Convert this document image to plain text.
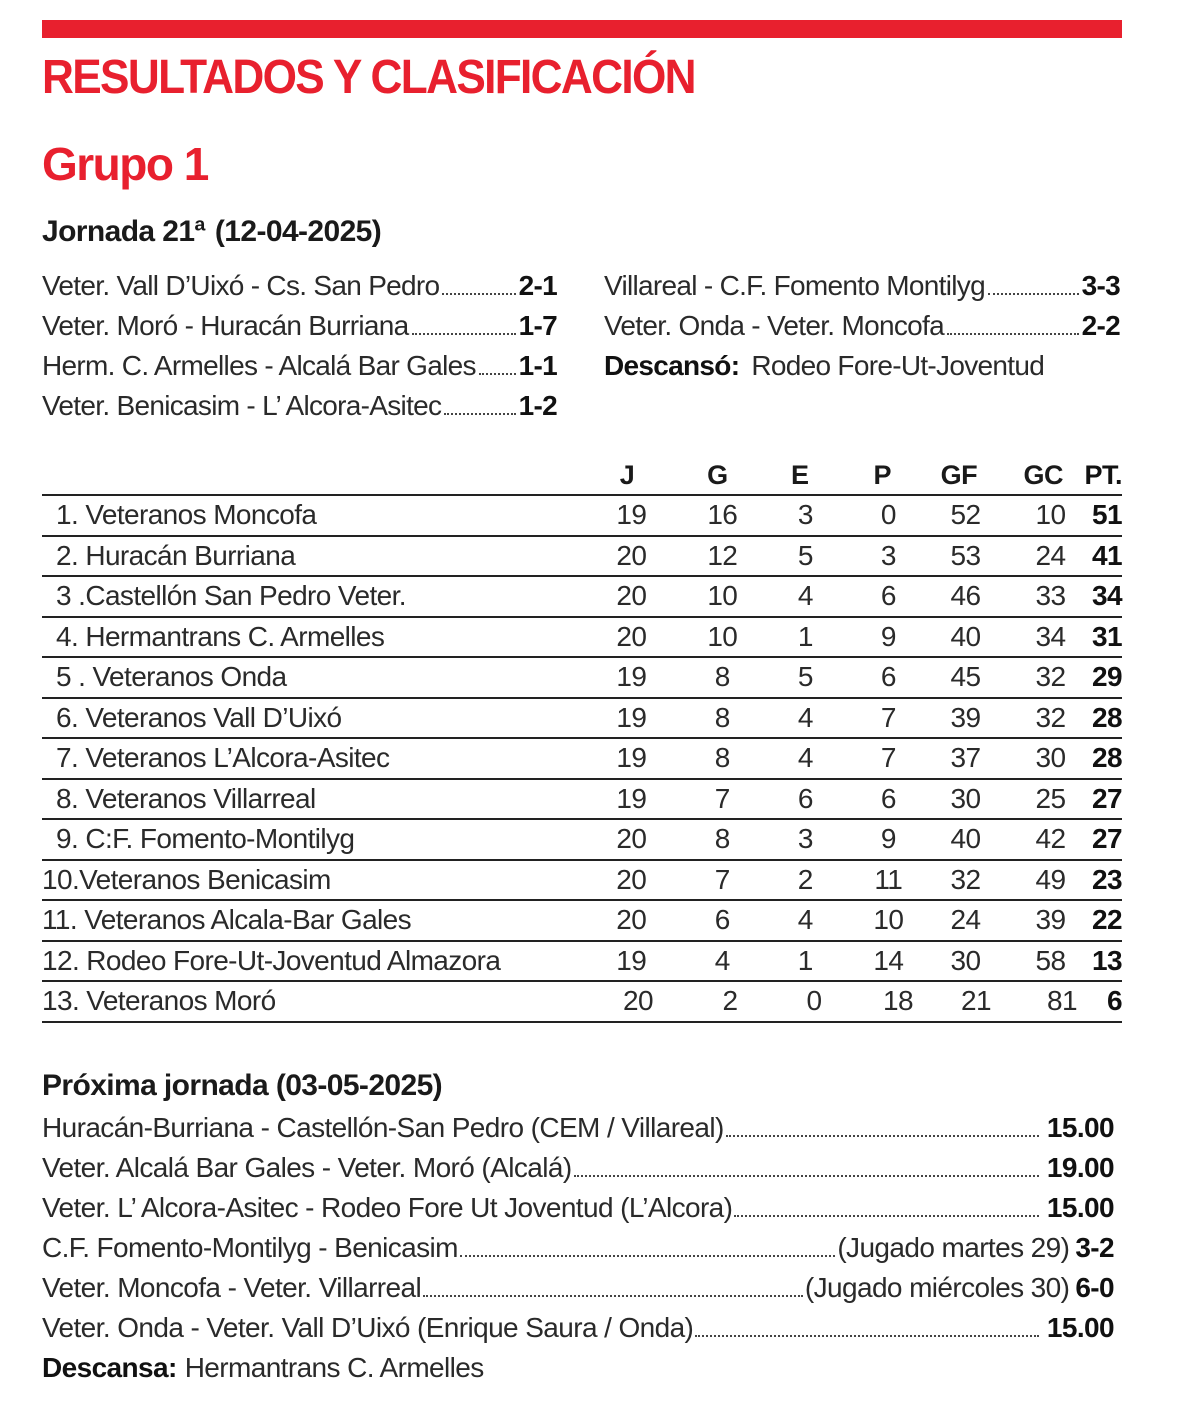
RESULTADOS Y CLASIFICACIÓN
Grupo 1
Jornada 21ª (12-04-2025)
Veter. Vall D’Uixó - Cs. San Pedro	2-1
Veter. Moró - Huracán Burriana	1-7
Herm. C. Armelles - Alcalá Bar Gales 1-1
Veter. Benicasim - L’ Alcora-Asitec	1-2
Villareal - C.F. Fomento Montilyg	3-3
Veter. Onda - Veter. Moncofa	2-2
Descansó: Rodeo Fore-Ut-Joventud
J	G	E	P	GF	GC PT.
1. Veteranos Moncofa	19	16	3	0	52	10 51
2. Huracán Burriana	20	12	5	3	53	24 41
3 .Castellón San Pedro Veter.	20	10	4	6	46	33 34
4. Hermantrans C. Armelles	20	10	1	9	40	34 31
5 . Veteranos Onda	19	8	5	6	45	32 29
6. Veteranos Vall D’Uixó	19	8	4	7	39	32 28
7. Veteranos L’Alcora-Asitec	19	8	4	7	37	30 28
8. Veteranos Villarreal	19	7	6	6	30	25 27
9. C:F. Fomento-Montilyg	20	8	3	9	40	42 27
10.Veteranos Benicasim	20	7	2	11	32	49 23
11. Veteranos Alcala-Bar Gales	20	6	4	10	24	39 22
12. Rodeo Fore-Ut-Joventud Almazora	19	4	1	14	30	58 13
13. Veteranos Moró	20	2	0	18	21	81	6
Próxima jornada (03-05-2025)
Huracán-Burriana - Castellón-San Pedro (CEM / Villareal)	15.00
Veter. Alcalá Bar Gales - Veter. Moró (Alcalá)	19.00
Veter. L’ Alcora-Asitec - Rodeo Fore Ut Joventud (L’Alcora)	15.00
C.F. Fomento-Montilyg - Benicasim	(Jugado martes 29) 3-2
Veter. Moncofa - Veter. Villarreal	(Jugado miércoles 30) 6-0
Veter. Onda - Veter. Vall D’Uixó (Enrique Saura / Onda)	15.00
Descansa: Hermantrans C. Armelles
